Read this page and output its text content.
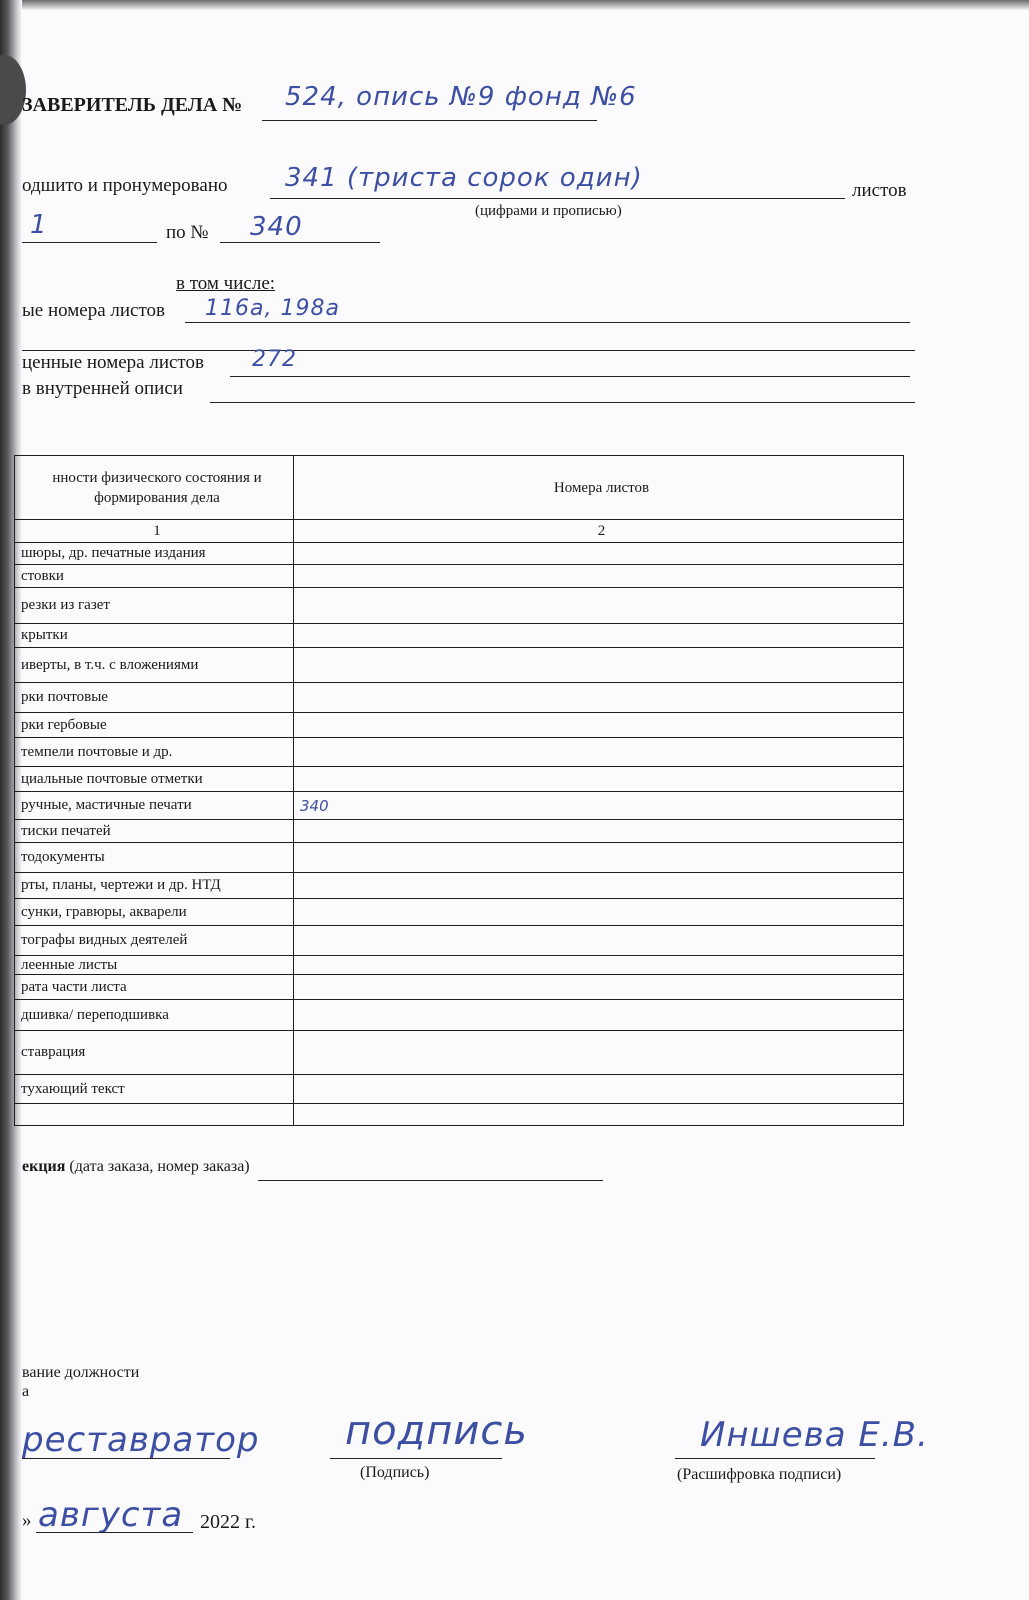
ЗАВЕРИТЕЛЬ ДЕЛА № 524, опись №9 фонд №6
одшито и пронумеровано 341 (триста сорок один)	листов
(цифрами и прописью)
1	по № 340
в том числе:
ые номера листов 116а, 198а
ценные номера листов 272
в внутренней описи
нности физического состояния и формирования дела	Номера листов
1	2
шюры, др. печатные издания	
стовки	
резки из газет	
крытки	
иверты, в т.ч. с вложениями	
рки почтовые	
рки гербовые	
темпели почтовые и др.	
циальные почтовые отметки	
ручные, мастичные печати	340
тиски печатей	
тодокументы	
рты, планы, чертежи и др. НТД	
сунки, гравюры, акварели	
тографы видных деятелей	
леенные листы	
рата части листа	
дшивка/ переподшивка	
ставрация	
тухающий текст	

екция (дата заказа, номер заказа)
вание должности
а
реставратор подпись
(Подпись)
Иншева Е.В.
(Расшифровка подписи)
» августа 2022 г.
